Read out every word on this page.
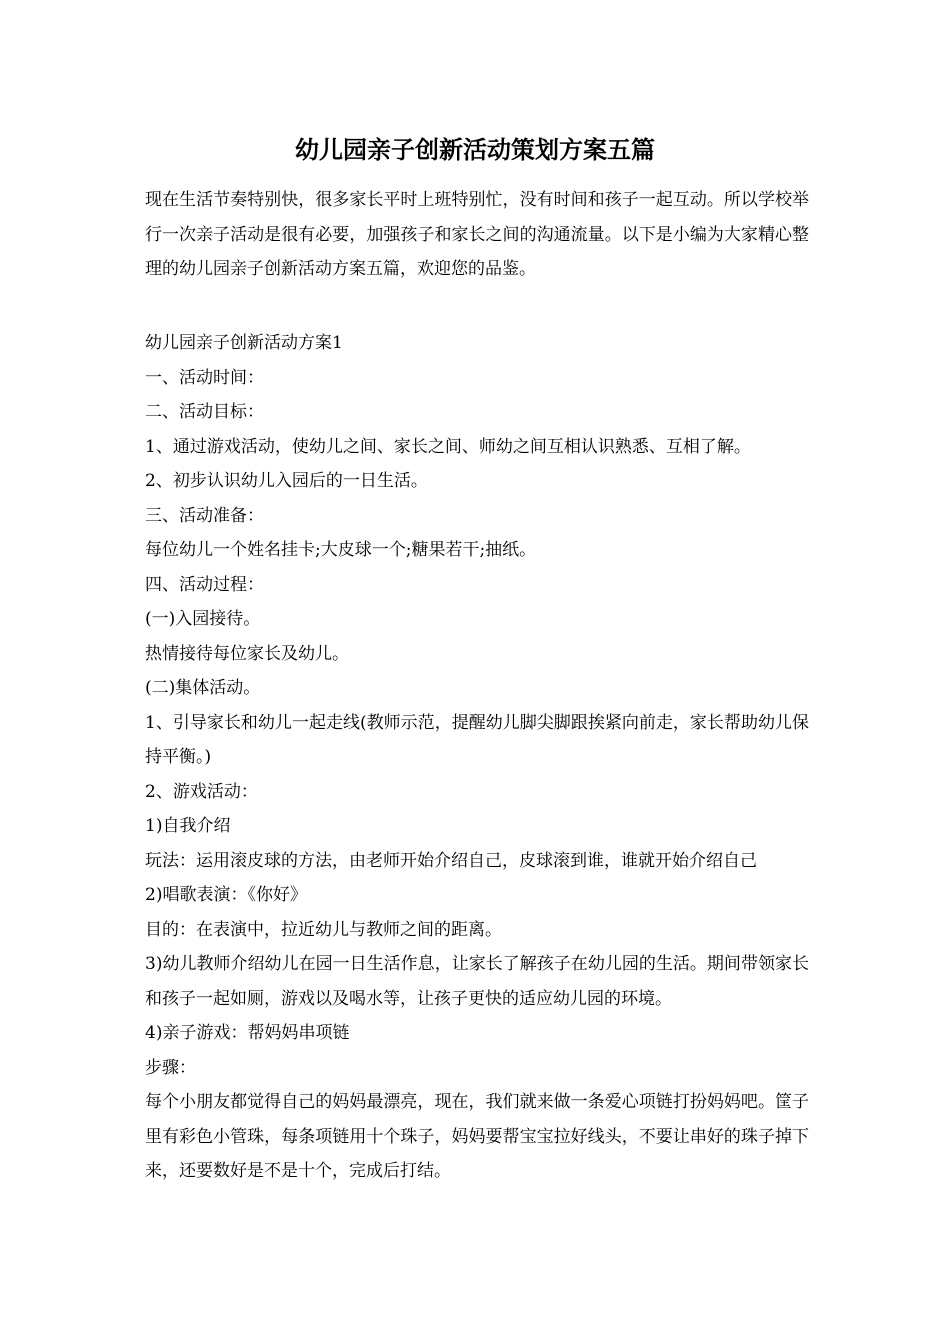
幼儿园亲子创新活动策划方案五篇

现在生活节奏特别快，很多家长平时上班特别忙，没有时间和孩子一起互动。所以学校举行一次亲子活动是很有必要，加强孩子和家长之间的沟通流量。以下是小编为大家精心整理的幼儿园亲子创新活动方案五篇，欢迎您的品鉴。

幼儿园亲子创新活动方案1

一、活动时间：

二、活动目标：

1、通过游戏活动，使幼儿之间、家长之间、师幼之间互相认识熟悉、互相了解。

2、初步认识幼儿入园后的一日生活。

三、活动准备：

每位幼儿一个姓名挂卡;大皮球一个;糖果若干;抽纸。

四、活动过程：

(一)入园接待。

热情接待每位家长及幼儿。

(二)集体活动。

1、引导家长和幼儿一起走线(教师示范，提醒幼儿脚尖脚跟挨紧向前走，家长帮助幼儿保持平衡。)

2、游戏活动：

1)自我介绍

玩法：运用滚皮球的方法，由老师开始介绍自己，皮球滚到谁，谁就开始介绍自己

2)唱歌表演：《你好》

目的：在表演中，拉近幼儿与教师之间的距离。

3)幼儿教师介绍幼儿在园一日生活作息，让家长了解孩子在幼儿园的生活。期间带领家长和孩子一起如厕，游戏以及喝水等，让孩子更快的适应幼儿园的环境。

4)亲子游戏：帮妈妈串项链

步骤：

每个小朋友都觉得自己的妈妈最漂亮，现在，我们就来做一条爱心项链打扮妈妈吧。筐子里有彩色小管珠，每条项链用十个珠子，妈妈要帮宝宝拉好线头，不要让串好的珠子掉下来，还要数好是不是十个，完成后打结。
